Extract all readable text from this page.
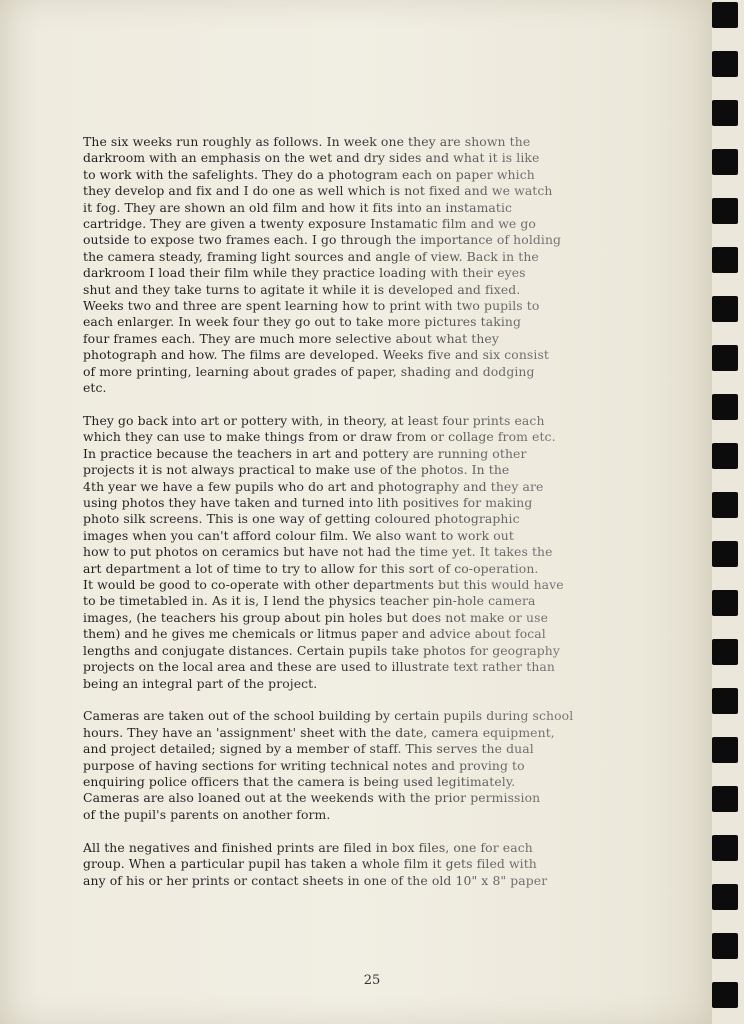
The six weeks run roughly as follows. In week one they are shown the
darkroom with an emphasis on the wet and dry sides and what it is like
to work with the safelights. They do a photogram each on paper which
they develop and fix and I do one as well which is not fixed and we watch
it fog. They are shown an old film and how it fits into an instamatic
cartridge. They are given a twenty exposure Instamatic film and we go
outside to expose two frames each. I go through the importance of holding
the camera steady, framing light sources and angle of view. Back in the
darkroom I load their film while they practice loading with their eyes
shut and they take turns to agitate it while it is developed and fixed.
Weeks two and three are spent learning how to print with two pupils to
each enlarger. In week four they go out to take more pictures taking
four frames each. They are much more selective about what they
photograph and how. The films are developed. Weeks five and six consist
of more printing, learning about grades of paper, shading and dodging
etc.

They go back into art or pottery with, in theory, at least four prints each
which they can use to make things from or draw from or collage from etc.
In practice because the teachers in art and pottery are running other
projects it is not always practical to make use of the photos. In the
4th year we have a few pupils who do art and photography and they are
using photos they have taken and turned into lith positives for making
photo silk screens. This is one way of getting coloured photographic
images when you can't afford colour film. We also want to work out
how to put photos on ceramics but have not had the time yet. It takes the
art department a lot of time to try to allow for this sort of co-operation.
It would be good to co-operate with other departments but this would have
to be timetabled in. As it is, I lend the physics teacher pin-hole camera
images, (he teachers his group about pin holes but does not make or use
them) and he gives me chemicals or litmus paper and advice about focal
lengths and conjugate distances. Certain pupils take photos for geography
projects on the local area and these are used to illustrate text rather than
being an integral part of the project.

Cameras are taken out of the school building by certain pupils during school
hours. They have an 'assignment' sheet with the date, camera equipment,
and project detailed; signed by a member of staff. This serves the dual
purpose of having sections for writing technical notes and proving to
enquiring police officers that the camera is being used legitimately.
Cameras are also loaned out at the weekends with the prior permission
of the pupil's parents on another form.

All the negatives and finished prints are filed in box files, one for each
group. When a particular pupil has taken a whole film it gets filed with
any of his or her prints or contact sheets in one of the old 10" x 8" paper

25
